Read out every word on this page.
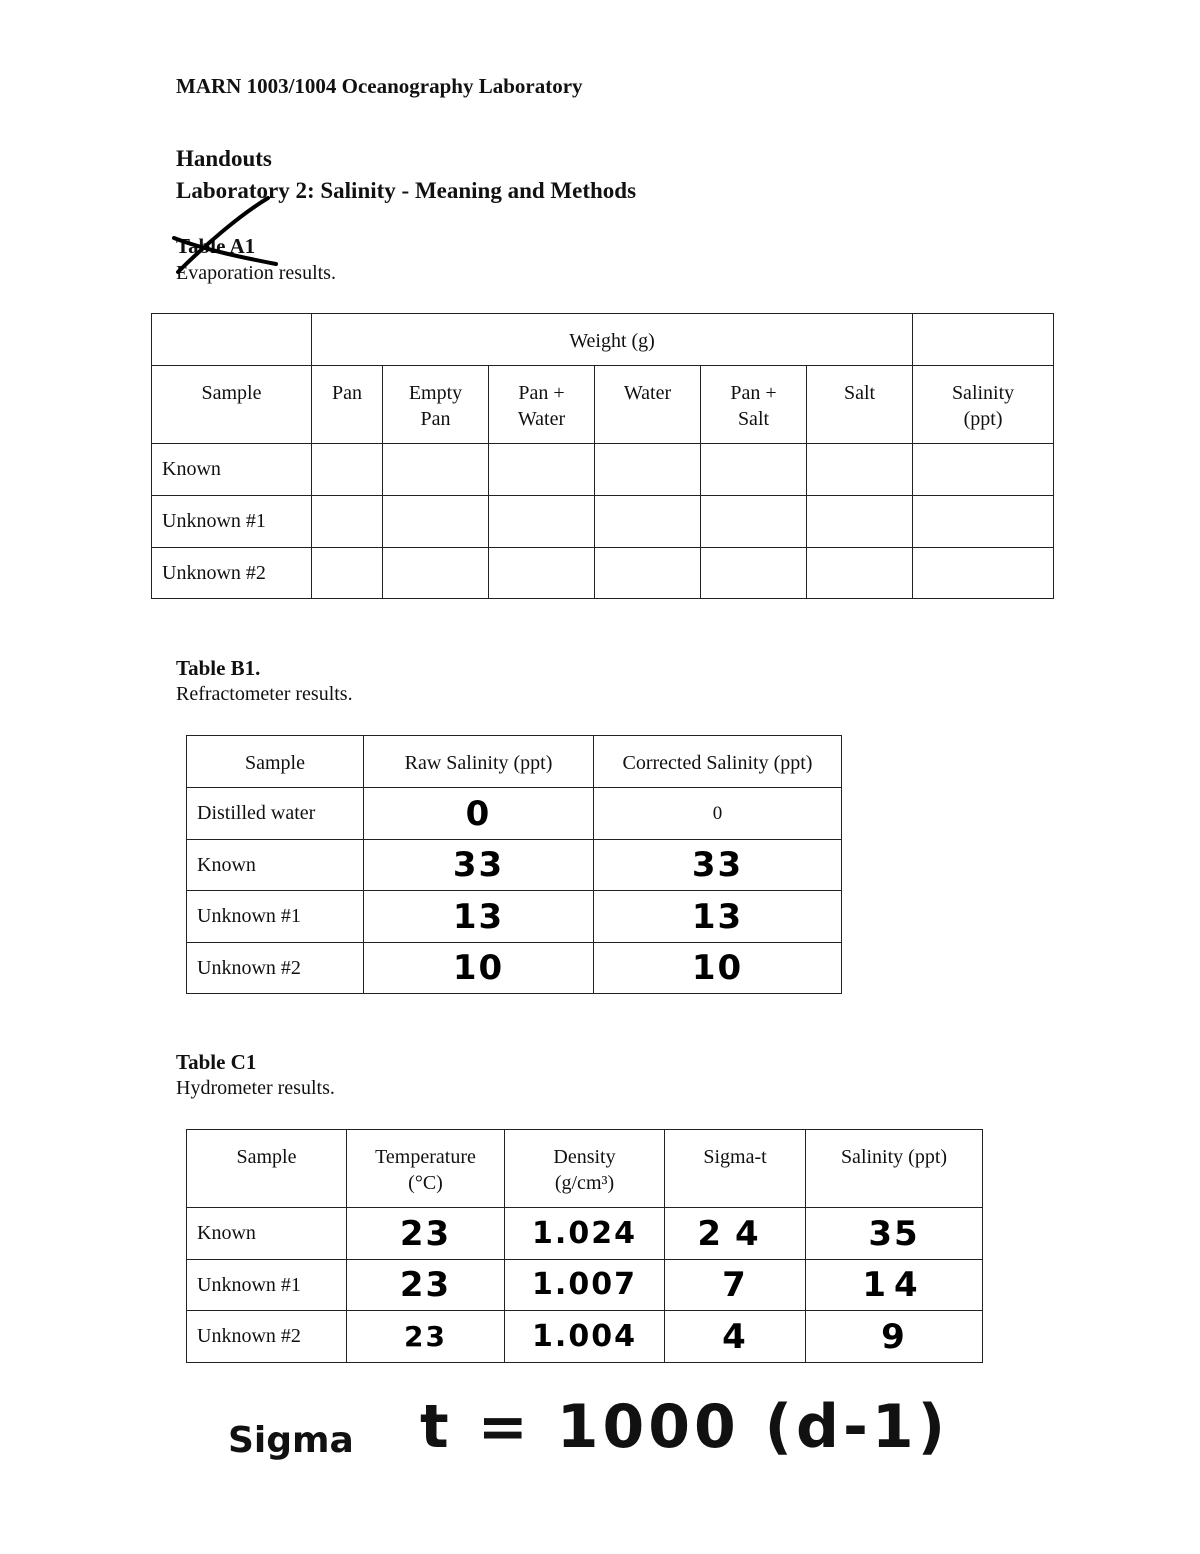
MARN 1003/1004 Oceanography Laboratory
Handouts
Laboratory 2: Salinity - Meaning and Methods
Table A1
Evaporation results.

	Weight (g)						

Sample	Pan	Empty Pan	Pan + Water	Water	Pan + Salt	Salt	Salinity (ppt)

Known							
Unknown #1							
Unknown #2							
Table B1.
Refractometer results.
Sample	Raw Salinity (ppt)	Corrected Salinity (ppt)

Distilled water	0	0
Known	33	33
Unknown #1	13	13
Unknown #2	10	10
Table C1
Hydrometer results.
Sample	Temperature (°C)	Density (g/cm³)	Sigma-t	Salinity (ppt)

Known	23	1.024	24	35
Unknown #1	23	1.007	7	14
Unknown #2	23	1.004	4	9
Sigma t = 1000 (d-1)
